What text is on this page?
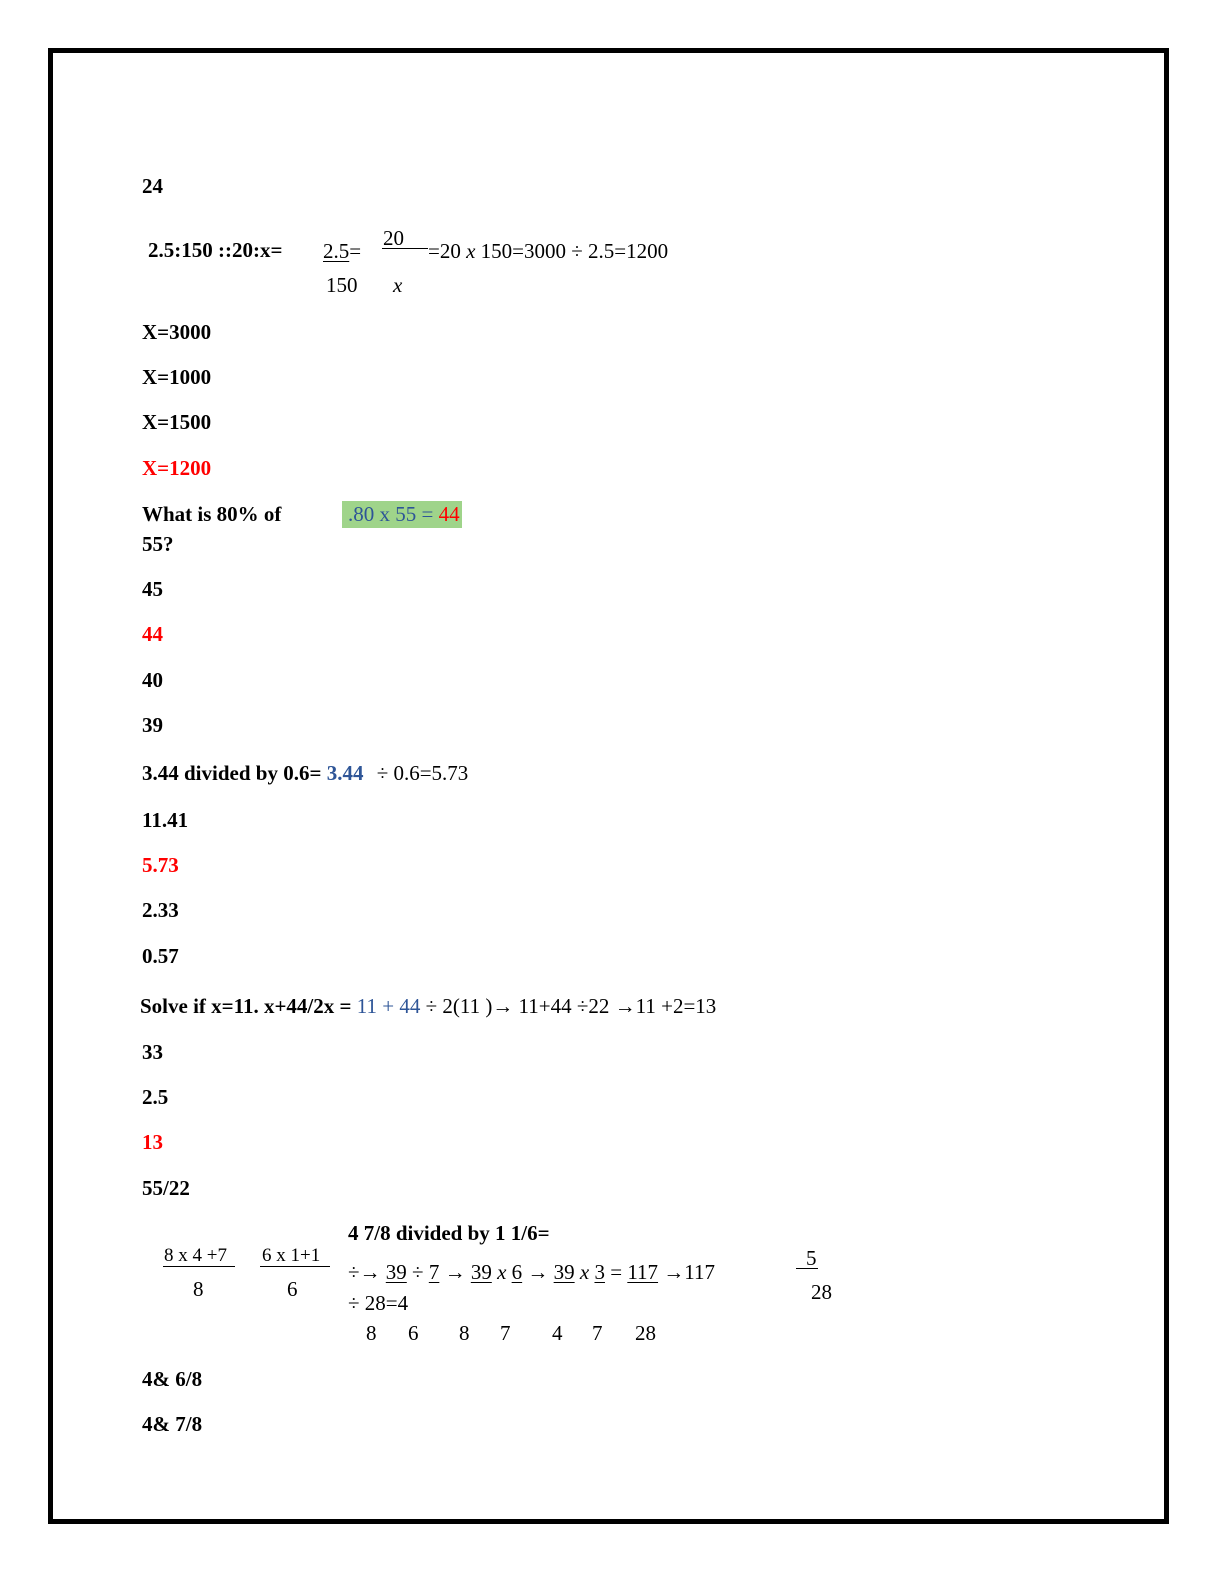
24
2.5:150 ::20:x= 2.5=
150
20
x
=20 x 150=3000 ÷ 2.5=1200
X=3000
X=1000
X=1500
X=1200
What is 80% of
55?
.80 x 55 = 44
45
44
40
39
3.44 divided by 0.6= 3.44 ÷ 0.6=5.73
11.41
5.73
2.33
0.57
Solve if x=11. x+44/2x = 11 + 44 ÷ 2(11 )→ 11+44 ÷22 →11 +2=13
33
2.5
13
55/22
4 7/8 divided by 1 1/6=
8 x 4 +7
8
6 x 1+1
6
÷→ 39 ÷ 7 → 39 x 6 → 39 x 3 = 117 →117
5
28
÷ 28=4
8 6 8 7 4 7 28
4& 6/8
4& 7/8
